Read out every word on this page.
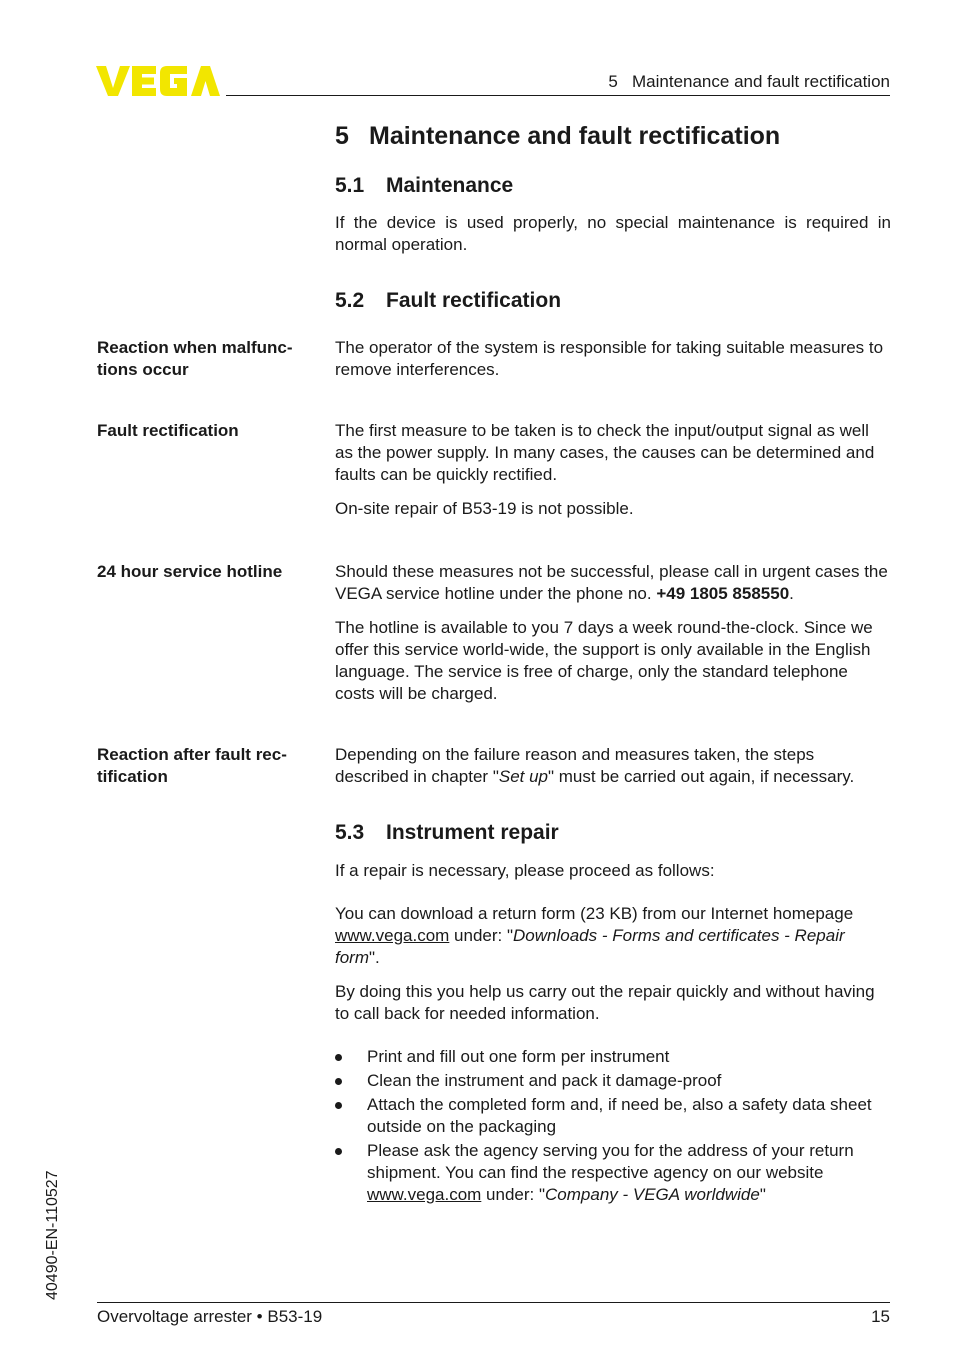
5   Maintenance and fault rectification
5 Maintenance and fault rectification
5.1 Maintenance

If the device is used properly, no special maintenance is required in normal operation.

5.2 Fault rectification
Reaction when malfunc-tions occur

The operator of the system is responsible for taking suitable measures to remove interferences.

Fault rectification	The first measure to be taken is to check the input/output signal as well as the power supply. In many cases, the causes can be determined and faults can be quickly rectified.

On-site repair of B53-19 is not possible.

24 hour service hotline	Should these measures not be successful, please call in urgent cases the VEGA service hotline under the phone no. +49 1805 858550.

The hotline is available to you 7 days a week round-the-clock. Since we offer this service world-wide, the support is only available in the English language. The service is free of charge, only the standard telephone costs will be charged.

Reaction after fault rec-tification

Depending on the failure reason and measures taken, the steps described in chapter "Set up" must be carried out again, if necessary.

5.3 Instrument repair

If a repair is necessary, please proceed as follows:

You can download a return form (23 KB) from our Internet homepage www.vega.com under: "Downloads - Forms and certificates - Repair form".

By doing this you help us carry out the repair quickly and without having to call back for needed information.

Print and fill out one form per instrument
Clean the instrument and pack it damage-proof
Attach the completed form and, if need be, also a safety data sheet outside on the packaging
Please ask the agency serving you for the address of your return shipment. You can find the respective agency on our website www.vega.com under: "Company - VEGA worldwide"
40490-EN-110527
Overvoltage arrester • B53-19	15
